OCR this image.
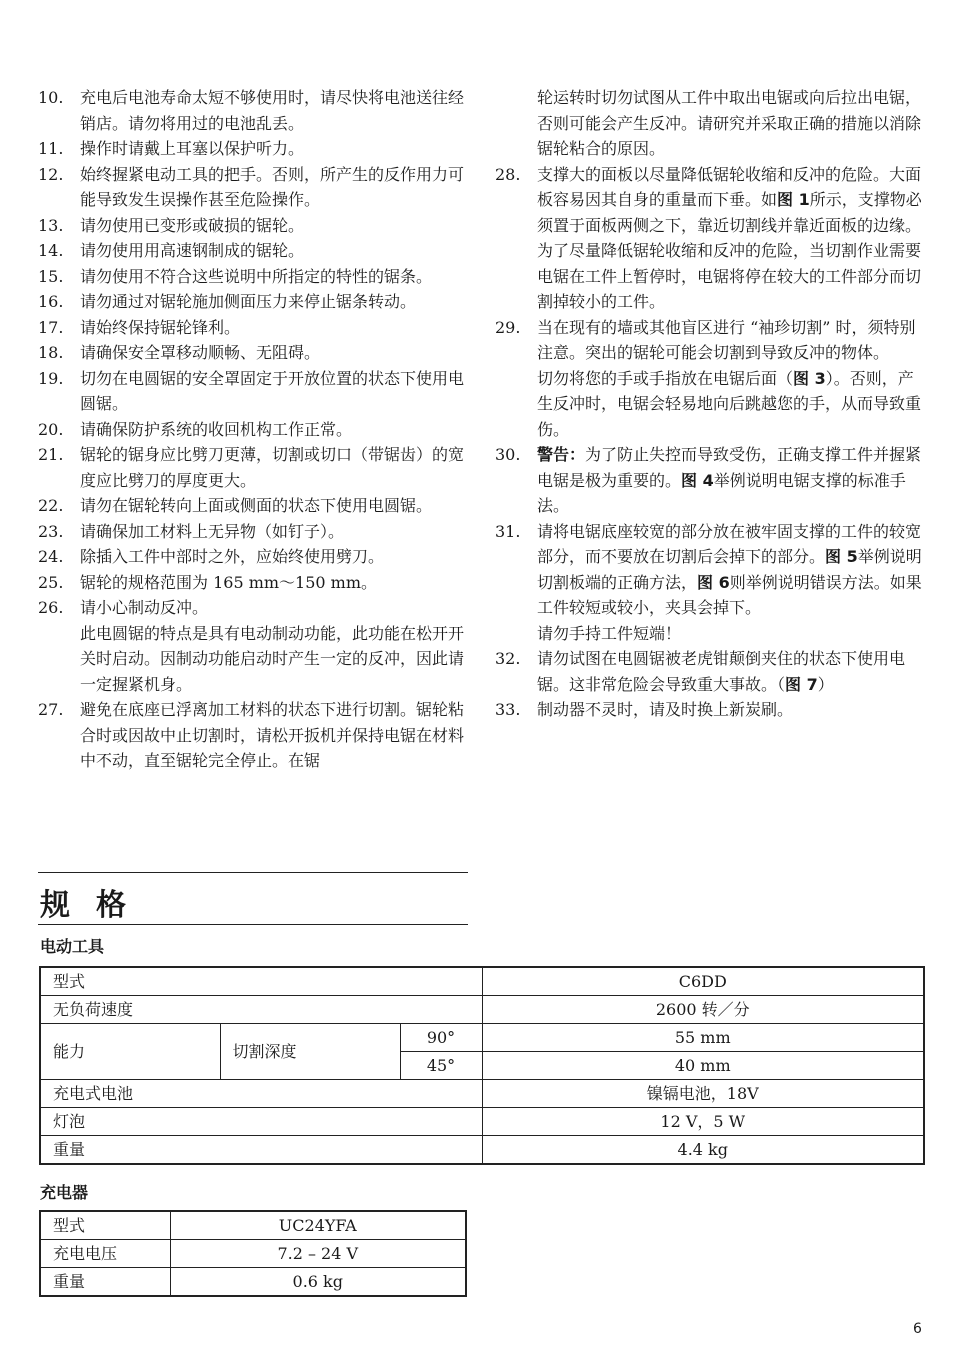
10.	充电后电池寿命太短不够使用时，请尽快将电池送往经销店。请勿将用过的电池乱丢。
11.	操作时请戴上耳塞以保护听力。
12.	始终握紧电动工具的把手。否则，所产生的反作用力可能导致发生误操作甚至危险操作。
13.	请勿使用已变形或破损的锯轮。
14.	请勿使用用高速钢制成的锯轮。
15.	请勿使用不符合这些说明中所指定的特性的锯条。
16.	请勿通过对锯轮施加侧面压力来停止锯条转动。
17.	请始终保持锯轮锋利。
18.	请确保安全罩移动顺畅、无阻碍。
19.	切勿在电圆锯的安全罩固定于开放位置的状态下使用电圆锯。
20.	请确保防护系统的收回机构工作正常。
21.	锯轮的锯身应比劈刀更薄，切割或切口（带锯齿）的宽度应比劈刀的厚度更大。
22.	请勿在锯轮转向上面或侧面的状态下使用电圆锯。
23.	请确保加工材料上无异物（如钉子）。
24.	除插入工件中部时之外，应始终使用劈刀。
25.	锯轮的规格范围为 165 mm～150 mm。
26.	请小心制动反冲。
此电圆锯的特点是具有电动制动功能，此功能在松开开关时启动。因制动功能启动时产生一定的反冲，因此请一定握紧机身。
27.	避免在底座已浮离加工材料的状态下进行切割。锯轮粘合时或因故中止切割时，请松开扳机并保持电锯在材料中不动，直至锯轮完全停止。在锯
轮运转时切勿试图从工件中取出电锯或向后拉出电锯，否则可能会产生反冲。请研究并采取正确的措施以消除锯轮粘合的原因。
28.	支撑大的面板以尽量降低锯轮收缩和反冲的危险。大面板容易因其自身的重量而下垂。如图 1所示，支撑物必须置于面板两侧之下，靠近切割线并靠近面板的边缘。
为了尽量降低锯轮收缩和反冲的危险，当切割作业需要电锯在工件上暂停时，电锯将停在较大的工件部分而切割掉较小的工件。
29.	当在现有的墙或其他盲区进行 “袖珍切割” 时，须特别注意。突出的锯轮可能会切割到导致反冲的物体。
切勿将您的手或手指放在电锯后面（图 3）。否则，产生反冲时，电锯会轻易地向后跳越您的手，从而导致重伤。
30.	警告：为了防止失控而导致受伤，正确支撑工件并握紧电锯是极为重要的。图 4举例说明电锯支撑的标准手法。
31.	请将电锯底座较宽的部分放在被牢固支撑的工件的较宽部分，而不要放在切割后会掉下的部分。图 5举例说明切割板端的正确方法，图 6则举例说明错误方法。如果工件较短或较小，夹具会掉下。
请勿手持工件短端！
32.	请勿试图在电圆锯被老虎钳颠倒夹住的状态下使用电锯。这非常危险会导致重大事故。（图 7）
33.	制动器不灵时，请及时换上新炭刷。
规格
电动工具
型式			C6DD
无负荷速度			2600 转／分
能力	切割深度	90°	55 mm
		45°	40 mm
充电式电池			镍镉电池，18V
灯泡			12 V，5 W
重量			4.4 kg
充电器
型式	UC24YFA
充电电压	7.2 – 24 V
重量	0.6 kg
6
